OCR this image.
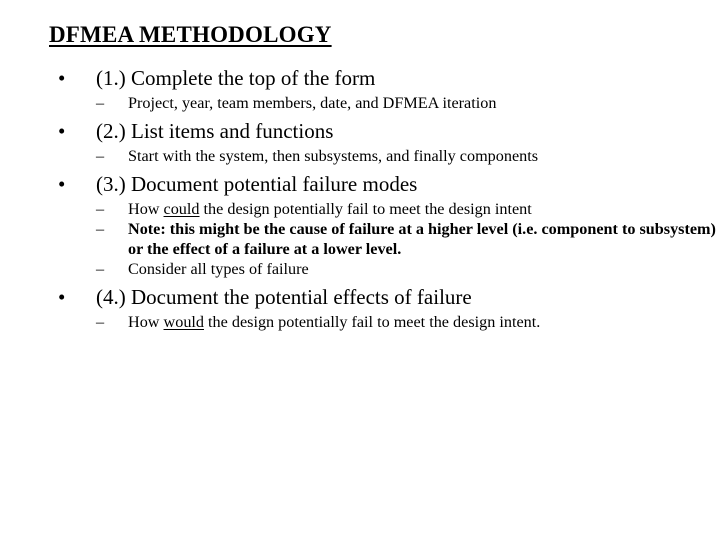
DFMEA METHODOLOGY
•	(1.) Complete the top of the form
–	Project, year, team members, date, and DFMEA iteration
•	(2.) List items and functions
–	Start with the system, then subsystems, and finally components
•	(3.) Document potential failure modes
–	How could the design potentially fail to meet the design intent
–	Note: this might be the cause of failure at a higher level (i.e. component to subsystem) or the effect of a failure at a lower level.
–	Consider all types of failure
•	(4.) Document the potential effects of failure
–	How would the design potentially fail to meet the design intent.
